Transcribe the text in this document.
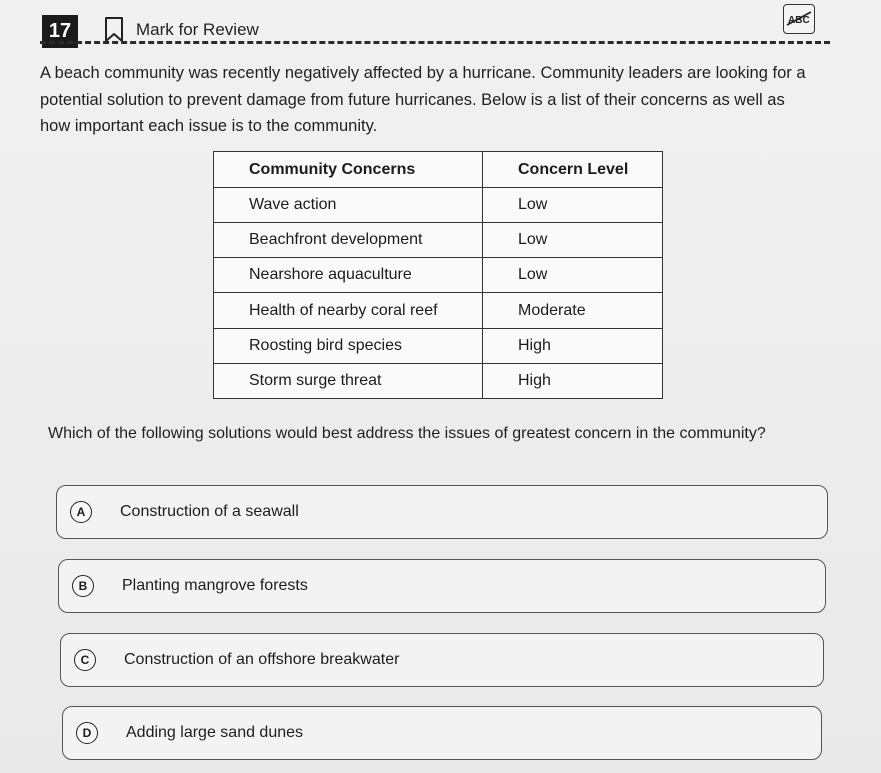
17	Mark for Review	ABC
A beach community was recently negatively affected by a hurricane. Community leaders are looking for a
potential solution to prevent damage from future hurricanes. Below is a list of their concerns as well as
how important each issue is to the community.
Community Concerns	Concern Level
Wave action	Low
Beachfront development	Low
Nearshore aquaculture	Low
Health of nearby coral reef	Moderate
Roosting bird species	High
Storm surge threat	High
Which of the following solutions would best address the issues of greatest concern in the community?
A	Construction of a seawall
B	Planting mangrove forests
C	Construction of an offshore breakwater
D	Adding large sand dunes
